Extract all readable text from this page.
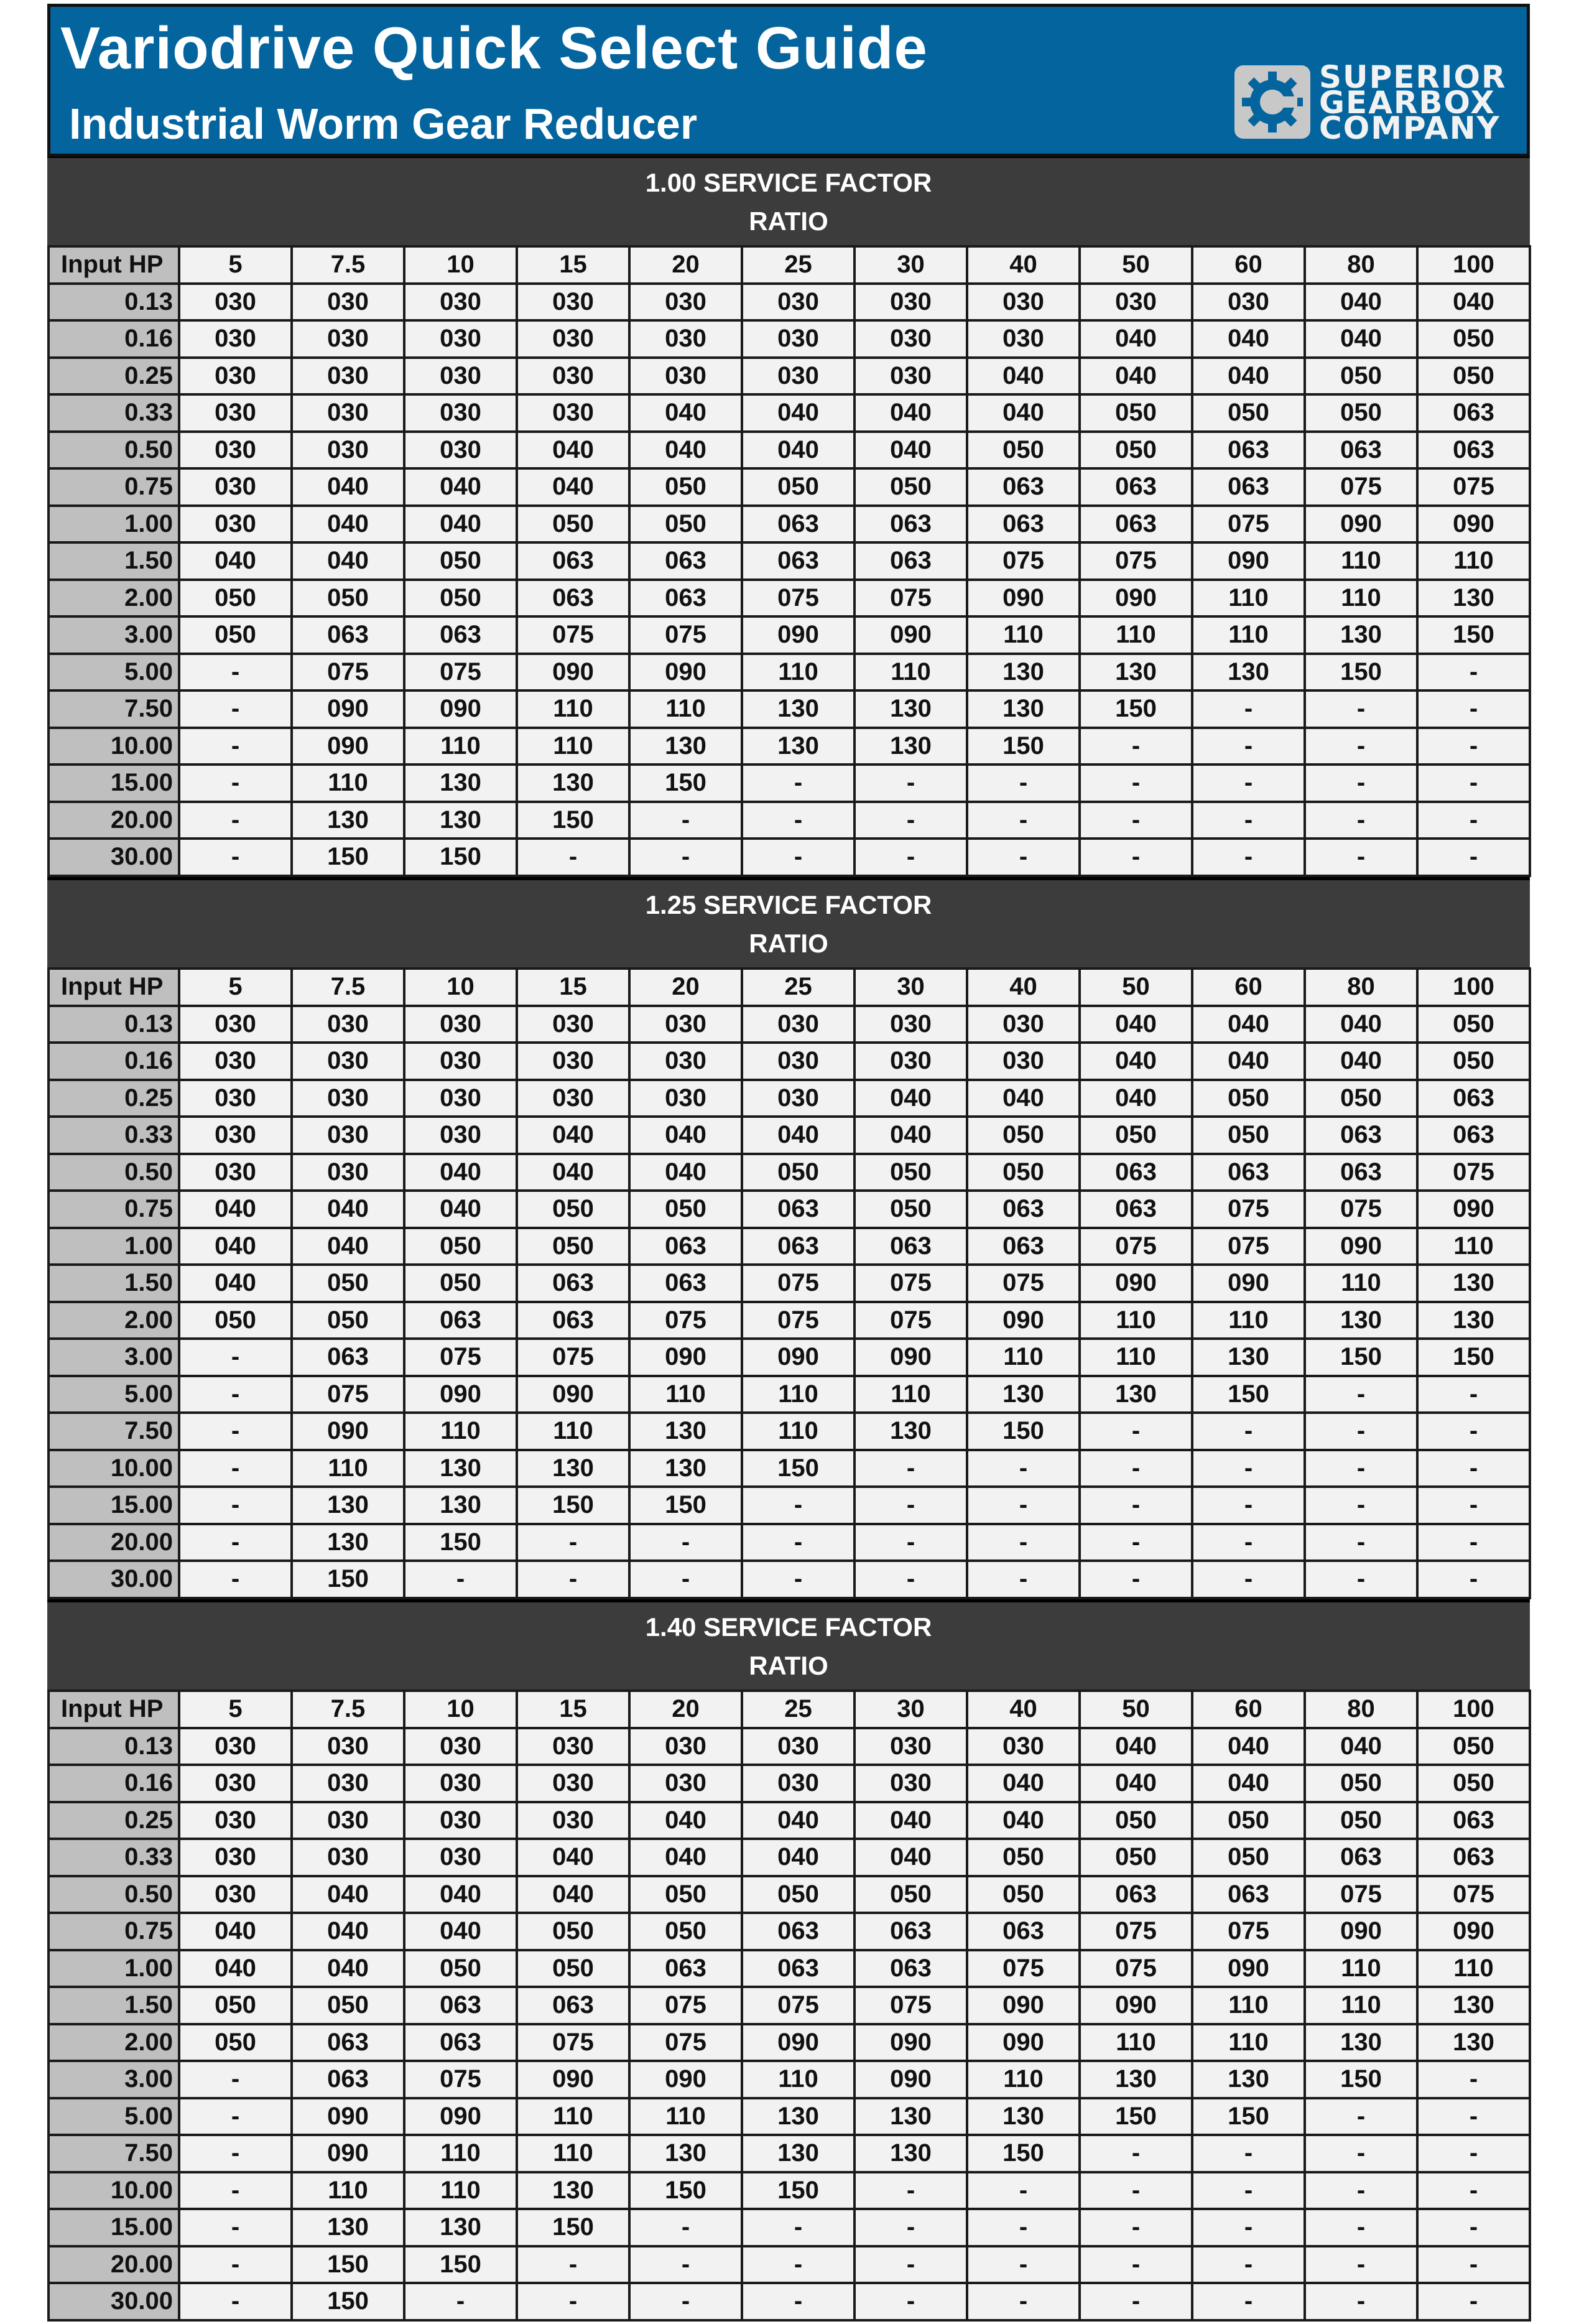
Variodrive Quick Select Guide
Industrial Worm Gear Reducer
SUPERIOR
GEARBOX
COMPANY
1.00 SERVICE FACTOR
RATIO
Input HP	5	7.5	10	15	20	25	30	40	50	60	80	100
0.13	030	030	030	030	030	030	030	030	030	030	040	040
0.16	030	030	030	030	030	030	030	030	040	040	040	050
0.25	030	030	030	030	030	030	030	040	040	040	050	050
0.33	030	030	030	030	040	040	040	040	050	050	050	063
0.50	030	030	030	040	040	040	040	050	050	063	063	063
0.75	030	040	040	040	050	050	050	063	063	063	075	075
1.00	030	040	040	050	050	063	063	063	063	075	090	090
1.50	040	040	050	063	063	063	063	075	075	090	110	110
2.00	050	050	050	063	063	075	075	090	090	110	110	130
3.00	050	063	063	075	075	090	090	110	110	110	130	150
5.00	-	075	075	090	090	110	110	130	130	130	150	-
7.50	-	090	090	110	110	130	130	130	150	-	-	-
10.00	-	090	110	110	130	130	130	150	-	-	-	-
15.00	-	110	130	130	150	-	-	-	-	-	-	-
20.00	-	130	130	150	-	-	-	-	-	-	-	-
30.00	-	150	150	-	-	-	-	-	-	-	-	-
1.25 SERVICE FACTOR
RATIO
Input HP	5	7.5	10	15	20	25	30	40	50	60	80	100
0.13	030	030	030	030	030	030	030	030	040	040	040	050
0.16	030	030	030	030	030	030	030	030	040	040	040	050
0.25	030	030	030	030	030	030	040	040	040	050	050	063
0.33	030	030	030	040	040	040	040	050	050	050	063	063
0.50	030	030	040	040	040	050	050	050	063	063	063	075
0.75	040	040	040	050	050	063	050	063	063	075	075	090
1.00	040	040	050	050	063	063	063	063	075	075	090	110
1.50	040	050	050	063	063	075	075	075	090	090	110	130
2.00	050	050	063	063	075	075	075	090	110	110	130	130
3.00	-	063	075	075	090	090	090	110	110	130	150	150
5.00	-	075	090	090	110	110	110	130	130	150	-	-
7.50	-	090	110	110	130	110	130	150	-	-	-	-
10.00	-	110	130	130	130	150	-	-	-	-	-	-
15.00	-	130	130	150	150	-	-	-	-	-	-	-
20.00	-	130	150	-	-	-	-	-	-	-	-	-
30.00	-	150	-	-	-	-	-	-	-	-	-	-
1.40 SERVICE FACTOR
RATIO
Input HP	5	7.5	10	15	20	25	30	40	50	60	80	100
0.13	030	030	030	030	030	030	030	030	040	040	040	050
0.16	030	030	030	030	030	030	030	040	040	040	050	050
0.25	030	030	030	030	040	040	040	040	050	050	050	063
0.33	030	030	030	040	040	040	040	050	050	050	063	063
0.50	030	040	040	040	050	050	050	050	063	063	075	075
0.75	040	040	040	050	050	063	063	063	075	075	090	090
1.00	040	040	050	050	063	063	063	075	075	090	110	110
1.50	050	050	063	063	075	075	075	090	090	110	110	130
2.00	050	063	063	075	075	090	090	090	110	110	130	130
3.00	-	063	075	090	090	110	090	110	130	130	150	-
5.00	-	090	090	110	110	130	130	130	150	150	-	-
7.50	-	090	110	110	130	130	130	150	-	-	-	-
10.00	-	110	110	130	150	150	-	-	-	-	-	-
15.00	-	130	130	150	-	-	-	-	-	-	-	-
20.00	-	150	150	-	-	-	-	-	-	-	-	-
30.00	-	150	-	-	-	-	-	-	-	-	-	-
